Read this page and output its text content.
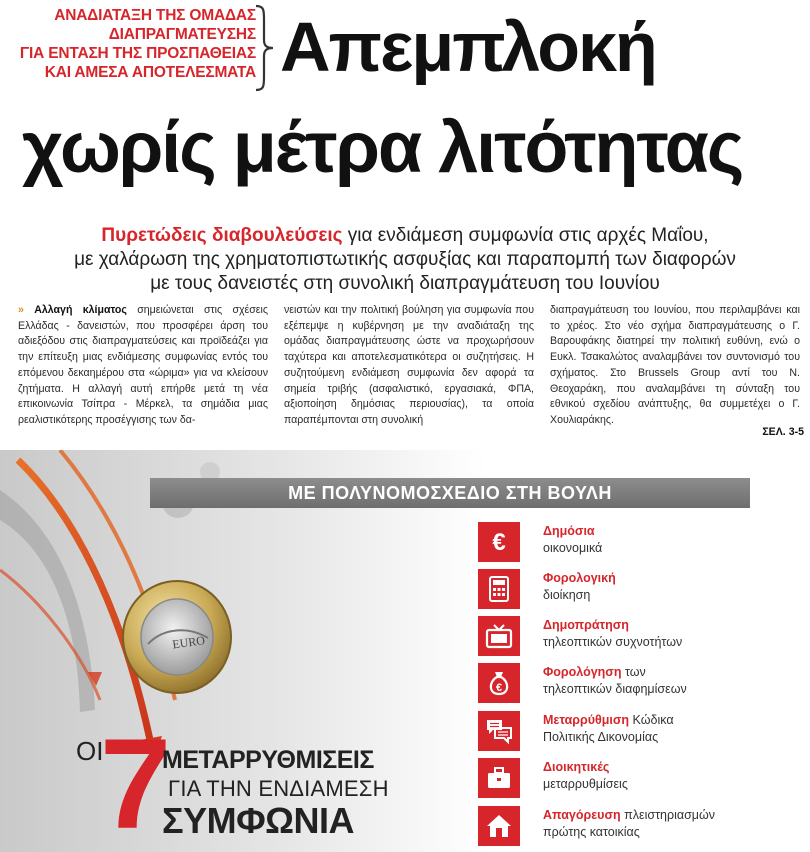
ΑΝΑΔΙΑΤΑΞΗ ΤΗΣ ΟΜΑΔΑΣ
ΔΙΑΠΡΑΓΜΑΤΕΥΣΗΣ
ΓΙΑ ΕΝΤΑΣΗ ΤΗΣ ΠΡΟΣΠΑΘΕΙΑΣ
ΚΑΙ ΑΜΕΣΑ ΑΠΟΤΕΛΕΣΜΑΤΑ Απεμπλοκή
χωρίς μέτρα λιτότητας
Πυρετώδεις διαβουλεύσεις για ενδιάμεση συμφωνία στις αρχές Μαΐου,
με χαλάρωση της χρηματοπιστωτικής ασφυξίας και παραπομπή των διαφορών
με τους δανειστές στη συνολική διαπραγμάτευση του Ιουνίου
» Αλλαγή κλίματος σημειώνεται στις σχέσεις Ελλάδας - δανειστών, που προσφέρει άρση του αδιεξόδου στις διαπραγματεύσεις και προϊδεάζει για την επίτευξη μιας ενδιάμεσης συμφωνίας εντός του επόμενου δεκαημέρου στα «ώριμα» για να κλείσουν ζητήματα. Η αλλαγή αυτή επήρθε μετά τη νέα επικοινωνία Τσίπρα - Μέρκελ, τα σημάδια μιας ρεαλιστικότερης προσέγγισης των δα-
νειστών και την πολιτική βούληση για συμφωνία που εξέπεμψε η κυβέρνηση με την αναδιάταξη της ομάδας διαπραγμάτευσης ώστε να προχωρήσουν ταχύτερα και αποτελεσματικότερα οι συζητήσεις. Η συζητούμενη ενδιάμεση συμφωνία δεν αφορά τα σημεία τριβής (ασφαλιστικό, εργασιακά, ΦΠΑ, αξιοποίηση δημόσιας περιουσίας), τα οποία παραπέμπονται στη συνολική
διαπραγμάτευση του Ιουνίου, που περιλαμβάνει και το χρέος. Στο νέο σχήμα διαπραγμάτευσης ο Γ. Βαρουφάκης διατηρεί την πολιτική ευθύνη, ενώ ο Ευκλ. Τσακαλώτος αναλαμβάνει τον συντονισμό του σχήματος. Στο Brussels Group αντί του Ν. Θεοχαράκη, που αναλαμβάνει τη σύνταξη του εθνικού σχεδίου ανάπτυξης, θα συμμετέχει ο Γ. Χουλιαράκης.
ΣΕΛ. 3-5
ΜΕ ΠΟΛΥΝΟΜΟΣΧΕΔΙΟ ΣΤΗ ΒΟΥΛΗ
EURO
ΟΙ
7
ΜΕΤΑΡΡΥΘΜΙΣΕΙΣ
ΓΙΑ ΤΗΝ ΕΝΔΙΑΜΕΣΗ
ΣΥΜΦΩΝΙΑ
€	Δημόσια
οικονομικά
Φορολογική
διοίκηση
Δημοπράτηση
τηλεοπτικών συχνοτήτων
€
Φορολόγηση των
τηλεοπτικών διαφημίσεων
Μεταρρύθμιση Κώδικα
Πολιτικής Δικονομίας
Διοικητικές
μεταρρυθμίσεις
Απαγόρευση πλειστηριασμών
πρώτης κατοικίας
